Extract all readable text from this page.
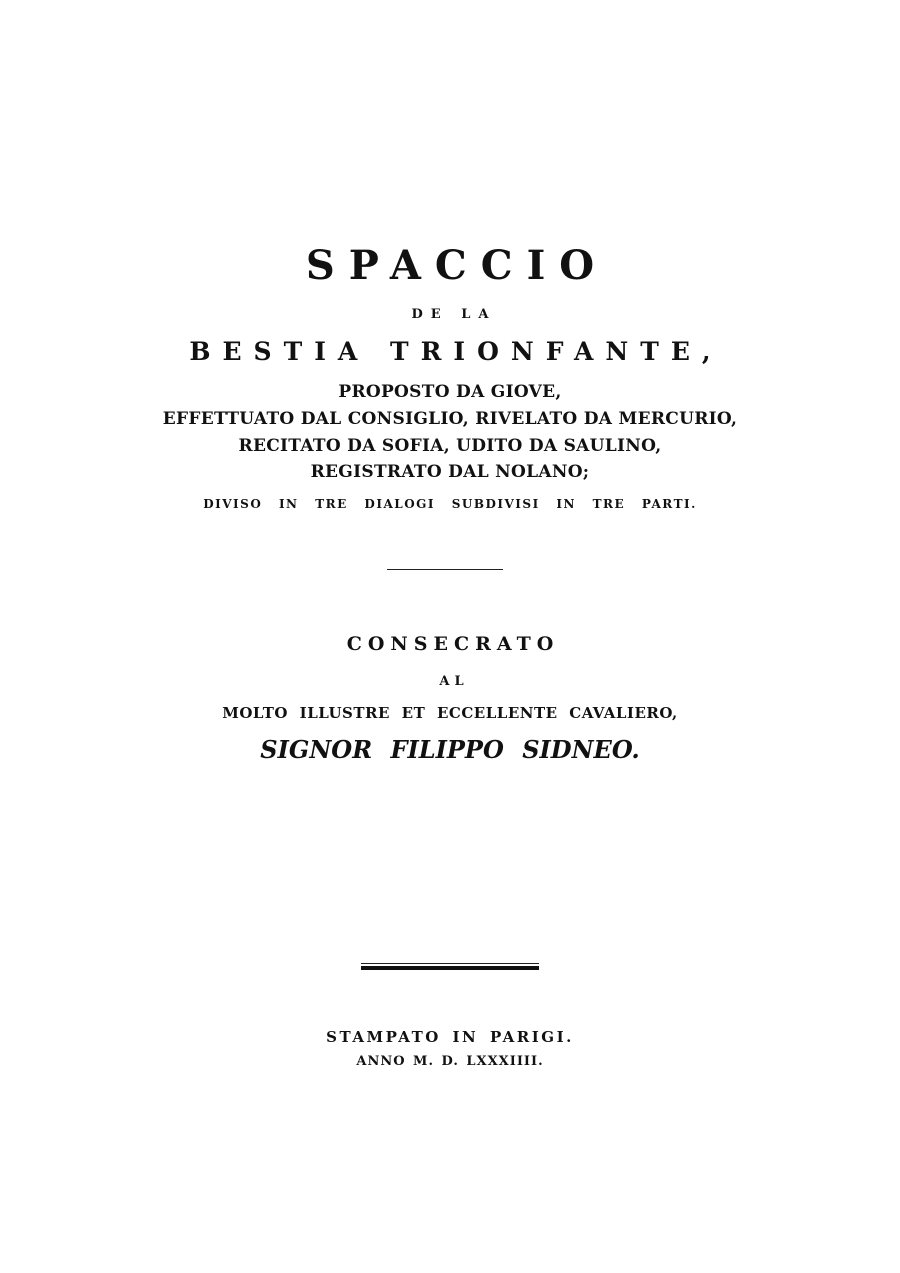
SPACCIO

DE LA

BESTIA TRIONFANTE,

PROPOSTO DA GIOVE,

EFFETTUATO DAL CONSIGLIO, RIVELATO DA MERCURIO,

RECITATO DA SOFIA, UDITO DA SAULINO,

REGISTRATO DAL NOLANO;

DIVISO IN TRE DIALOGI SUBDIVISI IN TRE PARTI.

CONSECRATO

AL

MOLTO ILLUSTRE ET ECCELLENTE CAVALIERO,

SIGNOR FILIPPO SIDNEO.

STAMPATO IN PARIGI.

ANNO M. D. LXXXIIII.
